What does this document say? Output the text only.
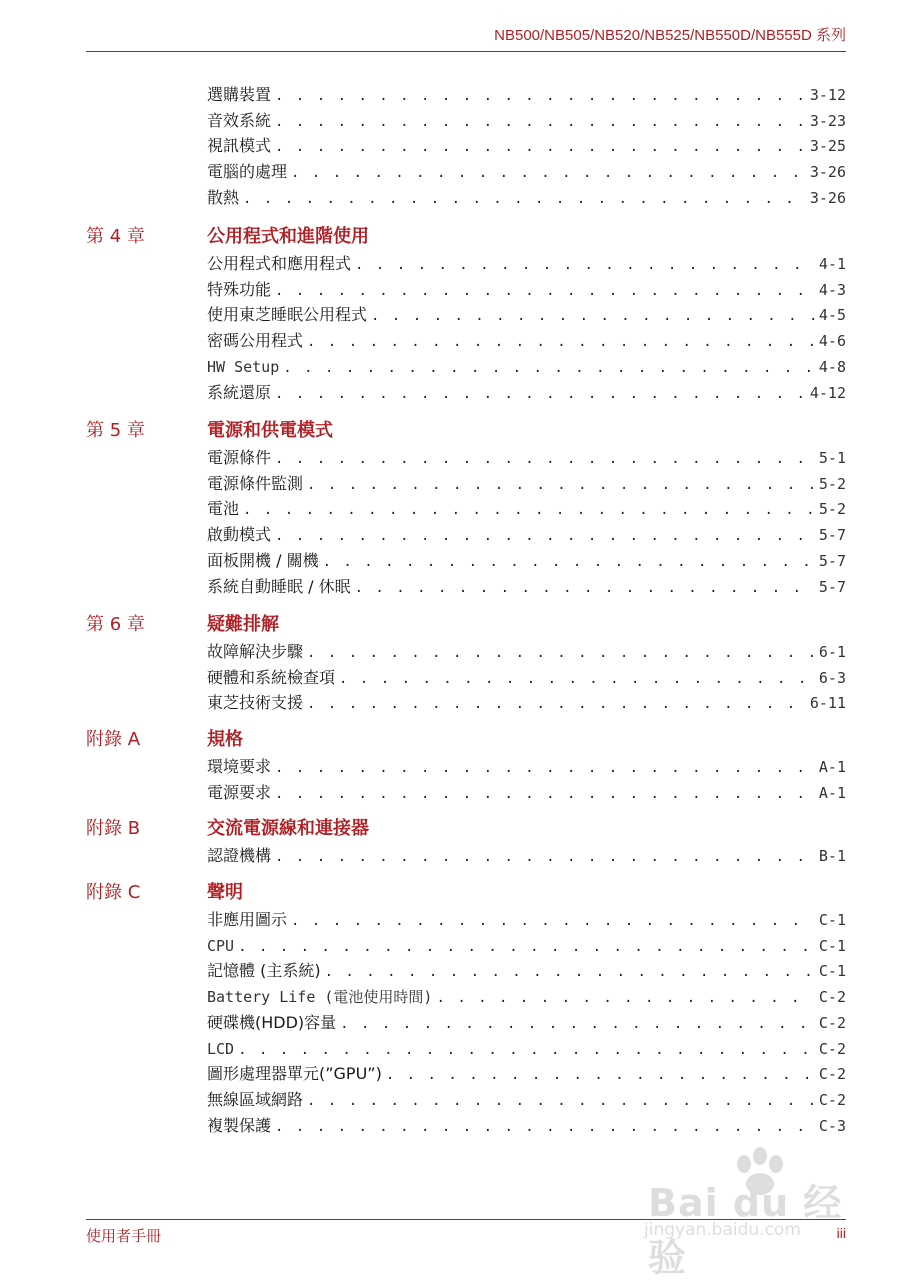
NB500/NB505/NB520/NB525/NB550D/NB555D 系列
選購裝置 . . .	3-12
音效系統 . . .	3-23
視訊模式 . . .	3-25
電腦的處理 . . .	3-26
散熱 . . .	3-26
第 4 章	公用程式和進階使用
公用程式和應用程式 . . .	4-1
特殊功能 . . .	4-3
使用東芝睡眠公用程式 . . .	4-5
密碼公用程式 . . .	4-6
HW Setup . . .	4-8
系統還原 . . .	4-12
第 5 章	電源和供電模式
電源條件 . . .	5-1
電源條件監測 . . .	5-2
電池 . . .	5-2
啟動模式 . . .	5-7
面板開機 / 關機 . . .	5-7
系統自動睡眠 / 休眠 . . .	5-7
第 6 章	疑難排解
故障解決步驟 . . .	6-1
硬體和系統檢查項 . . .	6-3
東芝技術支援 . . .	6-11
附錄 A	規格
環境要求 . . .	A-1
電源要求 . . .	A-1
附錄 B	交流電源線和連接器
認證機構 . . .	B-1
附錄 C	聲明
非應用圖示 . . .	C-1
CPU . . .	C-1
記憶體 (主系統) . . .	C-1
Battery Life (電池使用時間) . . .	C-2
硬碟機(HDD)容量 . . .	C-2
LCD . . .	C-2
圖形處理器單元(”GPU”) . . .	C-2
無線區域網路 . . .	C-2
複製保護 . . .	C-3
使用者手冊	iii
Bai du 经验
jingyan.baidu.com
